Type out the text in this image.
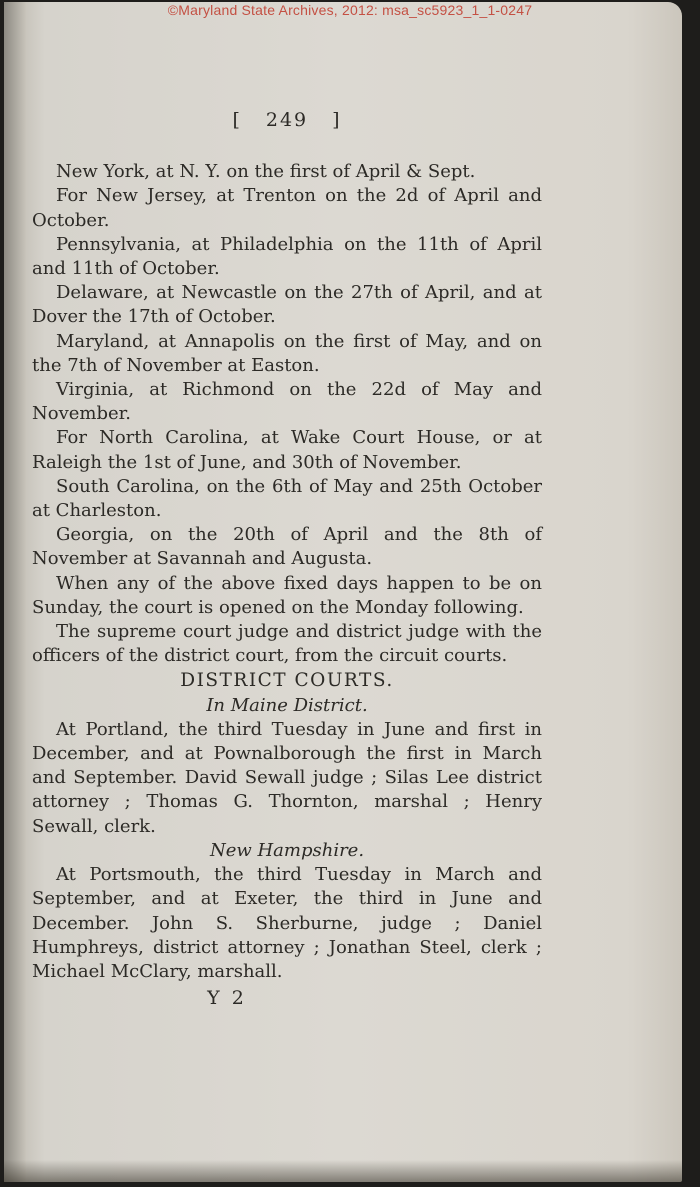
©Maryland State Archives, 2012: msa_sc5923_1_1-0247
[ 249 ]

New York, at N. Y. on the first of April & Sept.

For New Jersey, at Trenton on the 2d of April and October.

Pennsylvania, at Philadelphia on the 11th of April and 11th of October.

Delaware, at Newcastle on the 27th of April, and at Dover the 17th of October.

Maryland, at Annapolis on the first of May, and on the 7th of November at Easton.

Virginia, at Richmond on the 22d of May and November.

For North Carolina, at Wake Court House, or at Raleigh the 1st of June, and 30th of November.

South Carolina, on the 6th of May and 25th October at Charleston.

Georgia, on the 20th of April and the 8th of November at Savannah and Augusta.

When any of the above fixed days happen to be on Sunday, the court is opened on the Monday following.

The supreme court judge and district judge with the officers of the district court, from the circuit courts.

DISTRICT COURTS.
In Maine District.

At Portland, the third Tuesday in June and first in December, and at Pownalborough the first in March and September. David Sewall judge ; Silas Lee district attorney ; Thomas G. Thornton, marshal ; Henry Sewall, clerk.

New Hampshire.

At Portsmouth, the third Tuesday in March and September, and at Exeter, the third in June and December. John S. Sherburne, judge ; Daniel Humphreys, district attorney ; Jonathan Steel, clerk ; Michael McClary, marshall.

Y 2
